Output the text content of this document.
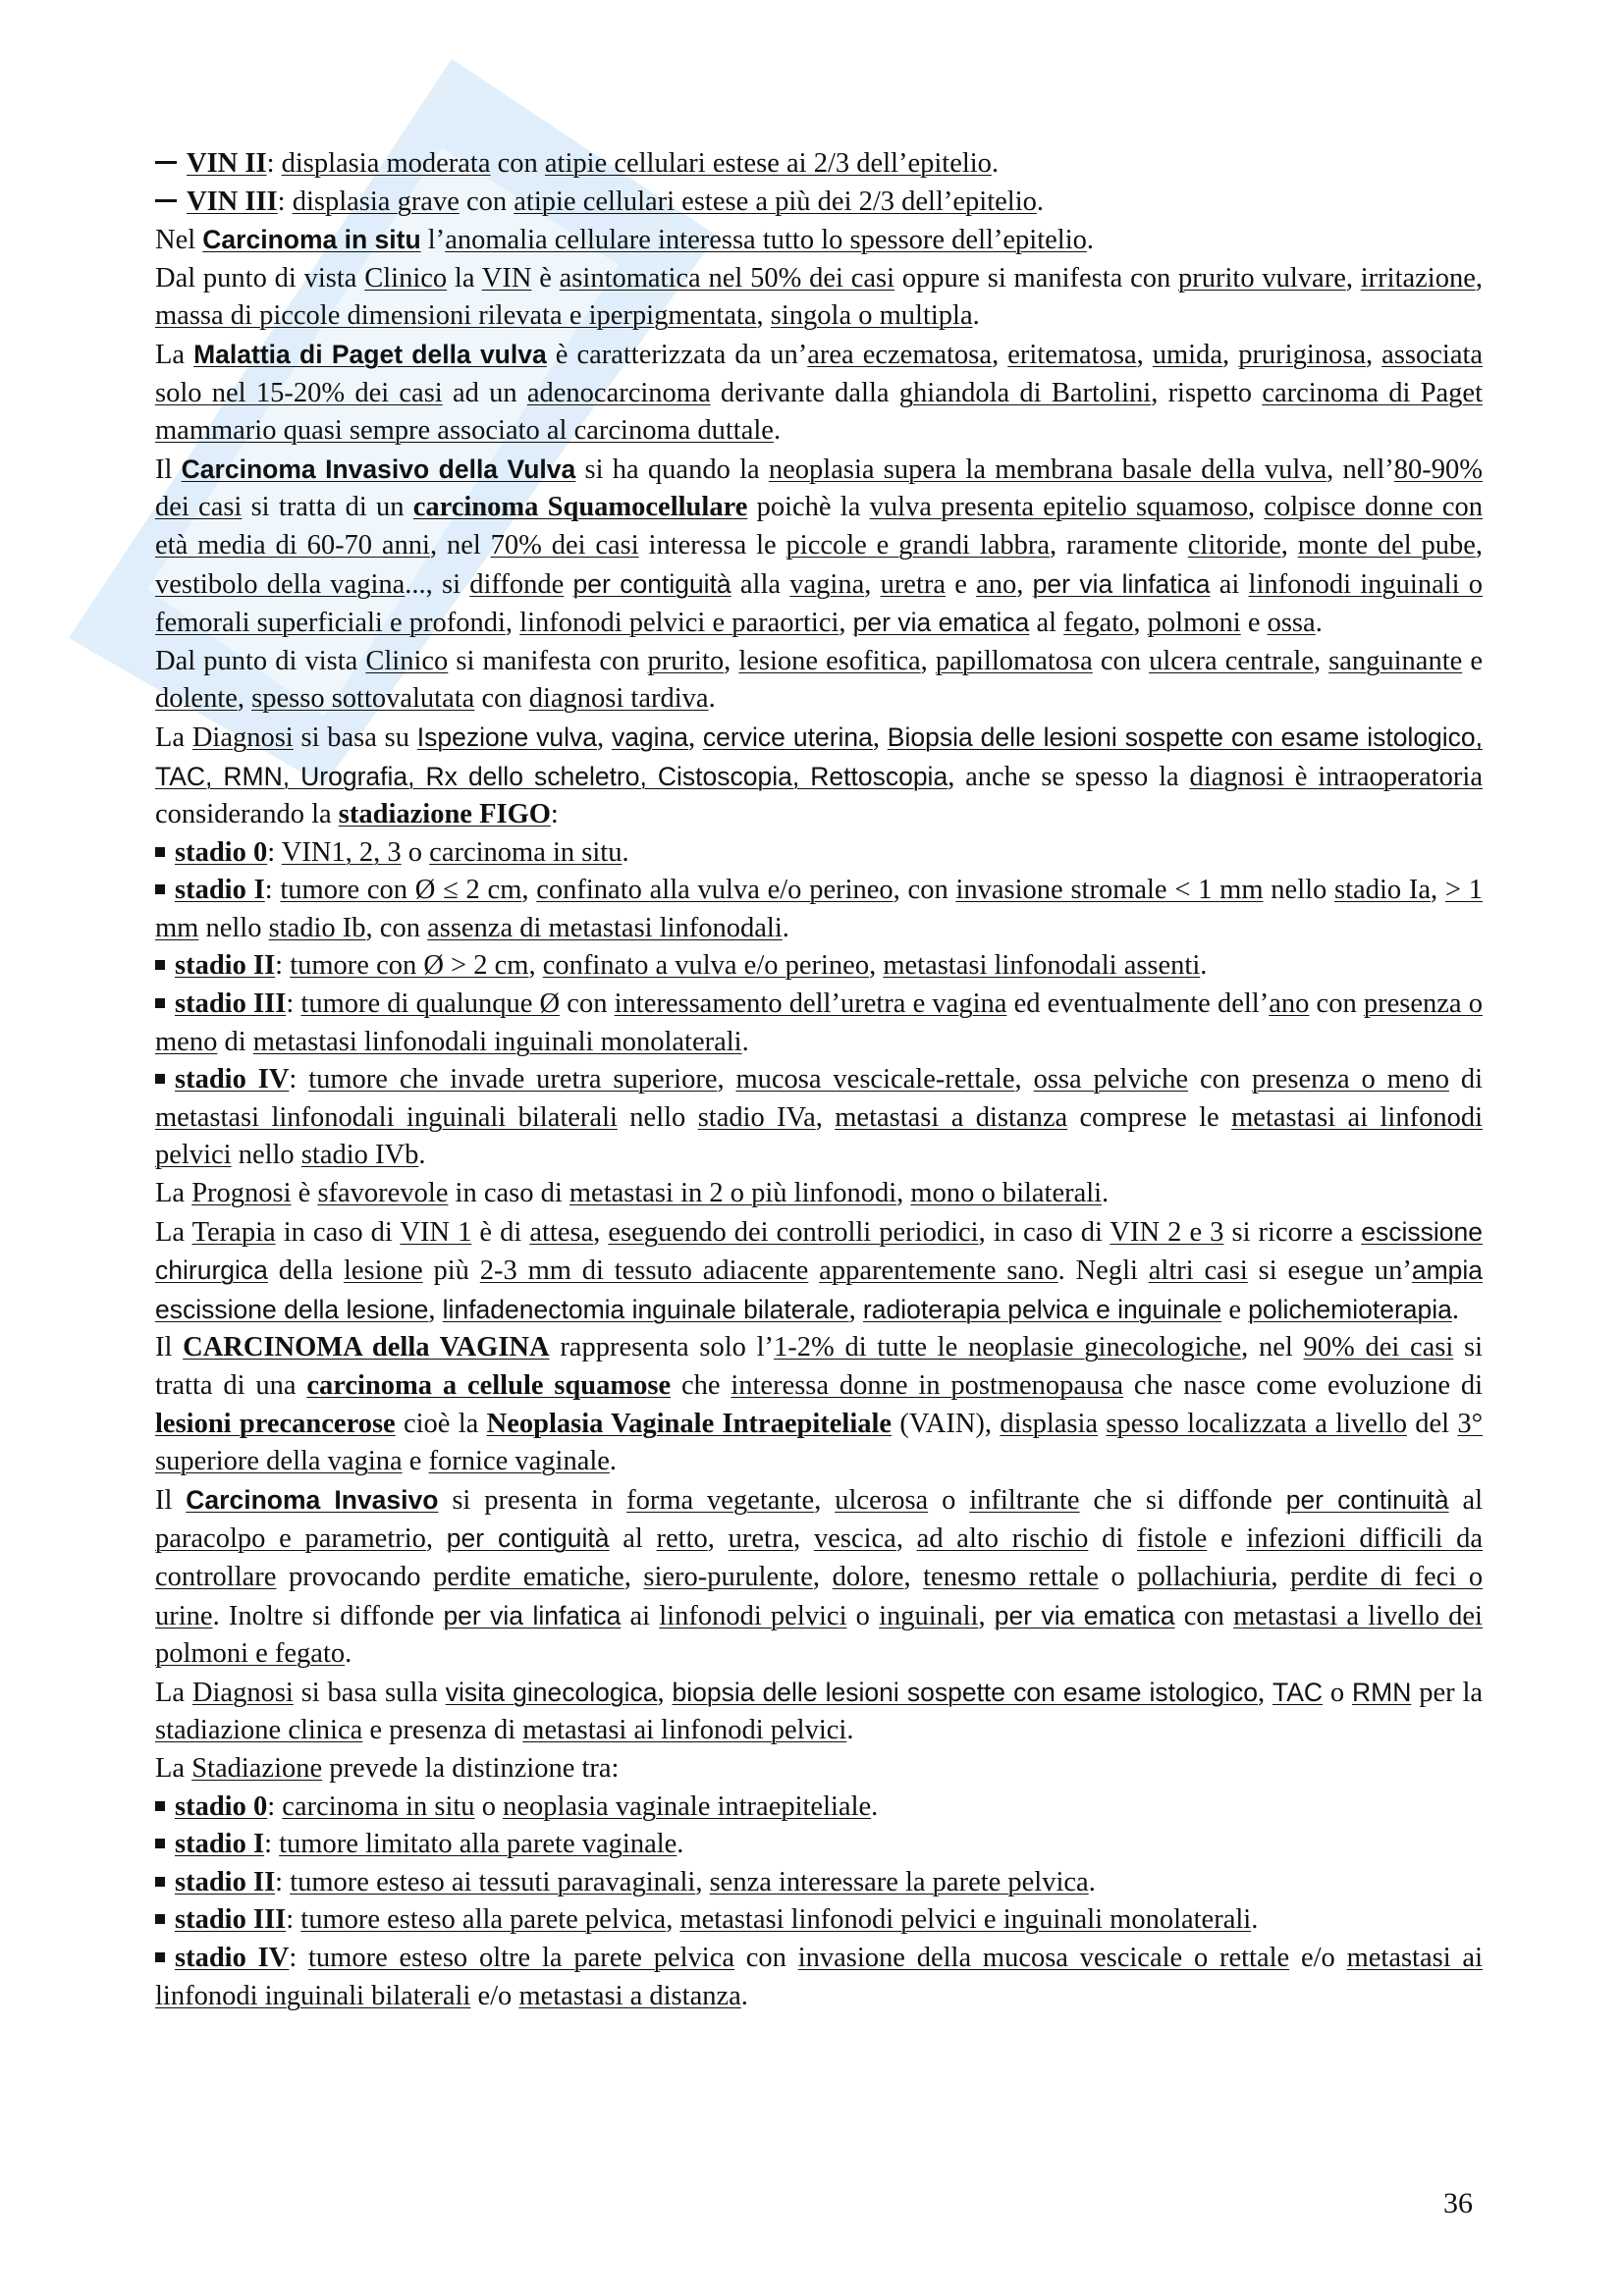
VIN II: displasia moderata con atipie cellulari estese ai 2/3 dell’epitelio.

VIN III: displasia grave con atipie cellulari estese a più dei 2/3 dell’epitelio.

Nel Carcinoma in situ l’anomalia cellulare interessa tutto lo spessore dell’epitelio.

Dal punto di vista Clinico la VIN è asintomatica nel 50% dei casi oppure si manifesta con prurito vulvare, irritazione, massa di piccole dimensioni rilevata e iperpigmentata, singola o multipla.

La Malattia di Paget della vulva è caratterizzata da un’area eczematosa, eritematosa, umida, pruriginosa, associata solo nel 15-20% dei casi ad un adenocarcinoma derivante dalla ghiandola di Bartolini, rispetto carcinoma di Paget mammario quasi sempre associato al carcinoma duttale.

Il Carcinoma Invasivo della Vulva si ha quando la neoplasia supera la membrana basale della vulva, nell’80-90% dei casi si tratta di un carcinoma Squamocellulare poichè la vulva presenta epitelio squamoso, colpisce donne con età media di 60-70 anni, nel 70% dei casi interessa le piccole e grandi labbra, raramente clitoride, monte del pube, vestibolo della vagina..., si diffonde per contiguità alla vagina, uretra e ano, per via linfatica ai linfonodi inguinali o femorali superficiali e profondi, linfonodi pelvici e paraortici, per via ematica al fegato, polmoni e ossa.

Dal punto di vista Clinico si manifesta con prurito, lesione esofitica, papillomatosa con ulcera centrale, sanguinante e dolente, spesso sottovalutata con diagnosi tardiva.

La Diagnosi si basa su Ispezione vulva, vagina, cervice uterina, Biopsia delle lesioni sospette con esame istologico, TAC, RMN, Urografia, Rx dello scheletro, Cistoscopia, Rettoscopia, anche se spesso la diagnosi è intraoperatoria considerando la stadiazione FIGO:

stadio 0: VIN1, 2, 3 o carcinoma in situ.

stadio I: tumore con Ø ≤ 2 cm, confinato alla vulva e/o perineo, con invasione stromale < 1 mm nello stadio Ia, > 1 mm nello stadio Ib, con assenza di metastasi linfonodali.

stadio II: tumore con Ø > 2 cm, confinato a vulva e/o perineo, metastasi linfonodali assenti.

stadio III: tumore di qualunque Ø con interessamento dell’uretra e vagina ed eventualmente dell’ano con presenza o meno di metastasi linfonodali inguinali monolaterali.

stadio IV: tumore che invade uretra superiore, mucosa vescicale-rettale, ossa pelviche con presenza o meno di metastasi linfonodali inguinali bilaterali nello stadio IVa, metastasi a distanza comprese le metastasi ai linfonodi pelvici nello stadio IVb.

La Prognosi è sfavorevole in caso di metastasi in 2 o più linfonodi, mono o bilaterali.

La Terapia in caso di VIN 1 è di attesa, eseguendo dei controlli periodici, in caso di VIN 2 e 3 si ricorre a escissione chirurgica della lesione più 2-3 mm di tessuto adiacente apparentemente sano. Negli altri casi si esegue un’ampia escissione della lesione, linfadenectomia inguinale bilaterale, radioterapia pelvica e inguinale e polichemioterapia.

Il CARCINOMA della VAGINA rappresenta solo l’1-2% di tutte le neoplasie ginecologiche, nel 90% dei casi si tratta di una carcinoma a cellule squamose che interessa donne in postmenopausa che nasce come evoluzione di lesioni precancerose cioè la Neoplasia Vaginale Intraepiteliale (VAIN), displasia spesso localizzata a livello del 3° superiore della vagina e fornice vaginale.

Il Carcinoma Invasivo si presenta in forma vegetante, ulcerosa o infiltrante che si diffonde per continuità al paracolpo e parametrio, per contiguità al retto, uretra, vescica, ad alto rischio di fistole e infezioni difficili da controllare provocando perdite ematiche, siero-purulente, dolore, tenesmo rettale o pollachiuria, perdite di feci o urine. Inoltre si diffonde per via linfatica ai linfonodi pelvici o inguinali, per via ematica con metastasi a livello dei polmoni e fegato.

La Diagnosi si basa sulla visita ginecologica, biopsia delle lesioni sospette con esame istologico, TAC o RMN per la stadiazione clinica e presenza di metastasi ai linfonodi pelvici.

La Stadiazione prevede la distinzione tra:

stadio 0: carcinoma in situ o neoplasia vaginale intraepiteliale.

stadio I: tumore limitato alla parete vaginale.

stadio II: tumore esteso ai tessuti paravaginali, senza interessare la parete pelvica.

stadio III: tumore esteso alla parete pelvica, metastasi linfonodi pelvici e inguinali monolaterali.

stadio IV: tumore esteso oltre la parete pelvica con invasione della mucosa vescicale o rettale e/o metastasi ai linfonodi inguinali bilaterali e/o metastasi a distanza.

36
